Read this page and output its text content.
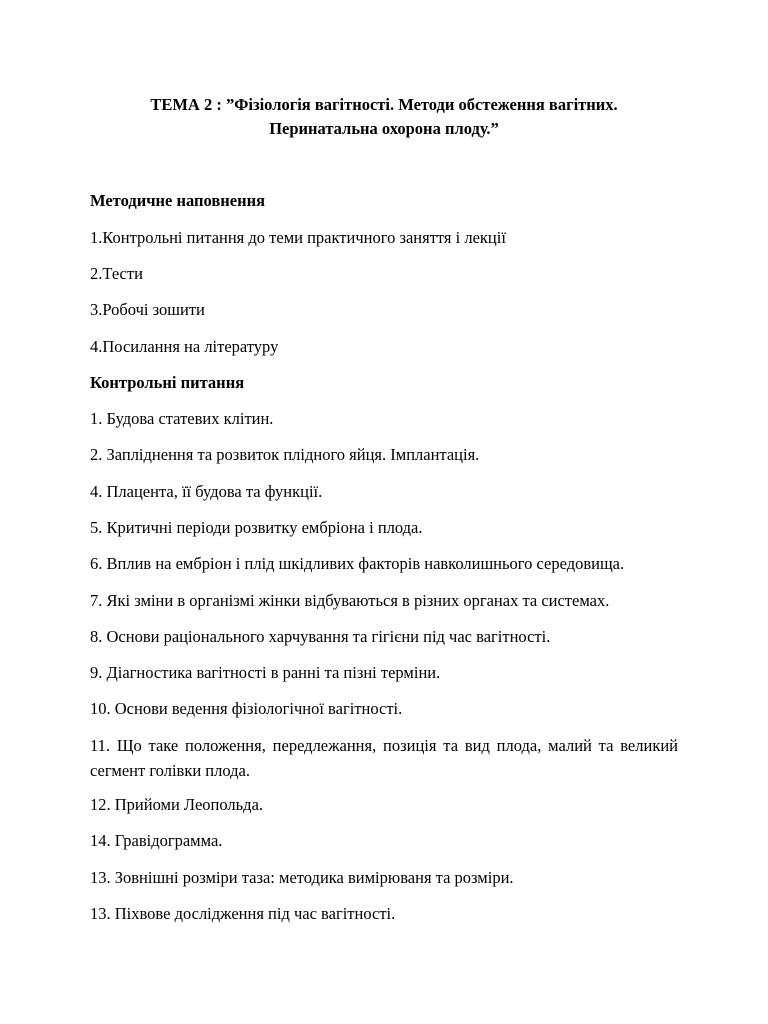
ТЕМА 2 : ”Фізіологія вагітності. Методи обстеження вагітних.
Перинатальна охорона плоду.”
Методичне наповнення
1.Контрольні питання до теми практичного заняття і лекції
2.Тести
3.Робочі зошити
4.Посилання на літературу
Контрольні питання
1. Будова статевих клітин.
2. Запліднення та розвиток плідного яйця. Імплантація.
4. Плацента, її будова та функції.
5. Критичні періоди розвитку ембріона і плода.
6. Вплив на ембріон і плід шкідливих факторів навколишнього середовища.
7. Які зміни в організмі жінки відбуваються в різних органах та системах.
8. Основи раціонального харчування та гігієни під час вагітності.
9. Діагностика вагітності в ранні та пізні терміни.
10. Основи ведення фізіологічної вагітності.
11. Що таке положення, передлежання, позиція та вид плода, малий та великий сегмент голівки плода.
12. Прийоми Леопольда.
14. Гравідограмма.
13. Зовнішні розміри таза: методика вимірюваня та розміри.
13. Піхвове дослідження під час вагітності.
